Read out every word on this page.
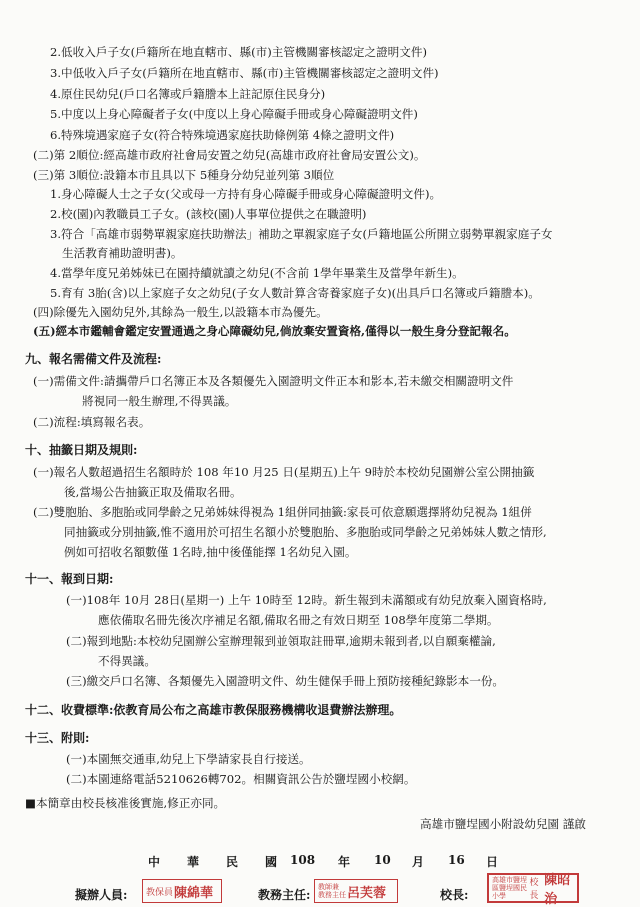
2.低收入戶子女(戶籍所在地直轄市、縣(市)主管機關審核認定之證明文件)
3.中低收入戶子女(戶籍所在地直轄市、縣(市)主管機關審核認定之證明文件)
4.原住民幼兒(戶口名簿或戶籍謄本上註記原住民身分)
5.中度以上身心障礙者子女(中度以上身心障礙手冊或身心障礙證明文件)
6.特殊境遇家庭子女(符合特殊境遇家庭扶助條例第 4條之證明文件)
(二)第 2順位:經高雄市政府社會局安置之幼兒(高雄市政府社會局安置公文)。
(三)第 3順位:設籍本市且具以下 5種身分幼兒並列第 3順位
1.身心障礙人士之子女(父或母一方持有身心障礙手冊或身心障礙證明文件)。
2.校(園)內教職員工子女。(該校(園)人事單位提供之在職證明)
3.符合「高雄市弱勢單親家庭扶助辦法」補助之單親家庭子女(戶籍地區公所開立弱勢單親家庭子女
生活教育補助證明書)。
4.當學年度兄弟姊妹已在園持續就讀之幼兒(不含前 1學年畢業生及當學年新生)。
5.育有 3胎(含)以上家庭子女之幼兒(子女人數計算含寄養家庭子女)(出具戶口名簿或戶籍謄本)。
(四)除優先入園幼兒外,其餘為一般生,以設籍本市為優先。
(五)經本市鑑輔會鑑定安置通過之身心障礙幼兒,倘放棄安置資格,僅得以一般生身分登記報名。
九、報名需備文件及流程:
(一)需備文件:請攜帶戶口名簿正本及各類優先入園證明文件正本和影本,若未繳交相關證明文件
將視同一般生辦理,不得異議。
(二)流程:填寫報名表。
十、抽籤日期及規則:
(一)報名人數超過招生名額時於 108 年10 月25 日(星期五)上午 9時於本校幼兒園辦公室公開抽籤
後,當場公告抽籤正取及備取名冊。
(二)雙胞胎、多胞胎或同學齡之兄弟姊妹得視為 1組併同抽籤:家長可依意願選擇將幼兒視為 1組併
同抽籤或分別抽籤,惟不適用於可招生名額小於雙胞胎、多胞胎或同學齡之兄弟姊妹人數之情形,
例如可招收名額數僅 1名時,抽中後僅能擇 1名幼兒入園。
十一、報到日期:
(一)108年 10月 28日(星期一) 上午 10時至 12時。新生報到未滿額或有幼兒放棄入園資格時,
應依備取名冊先後次序補足名額,備取名冊之有效日期至 108學年度第二學期。
(二)報到地點:本校幼兒園辦公室辦理報到並領取註冊單,逾期未報到者,以自願棄權論,
不得異議。
(三)繳交戶口名簿、各類優先入園證明文件、幼生健保手冊上預防接種紀錄影本一份。
十二、收費標準:依教育局公布之高雄市教保服務機構收退費辦法辦理。
十三、附則:
(一)本園無交通車,幼兒上下學請家長自行接送。
(二)本園連絡電話5210626轉702。相關資訊公告於鹽埕國小校網。
■本簡章由校長核准後實施,修正亦同。
高雄市鹽埕國小附設幼兒園 謹啟
中 華 民 國 108 年 10 月 16 日
擬辦人員: 教保員 陳綿華	教務主任:
教師兼
教務主任 呂芙蓉	校長:
高雄市鹽埕
區鹽埕國民小學
校長
陳昭治
